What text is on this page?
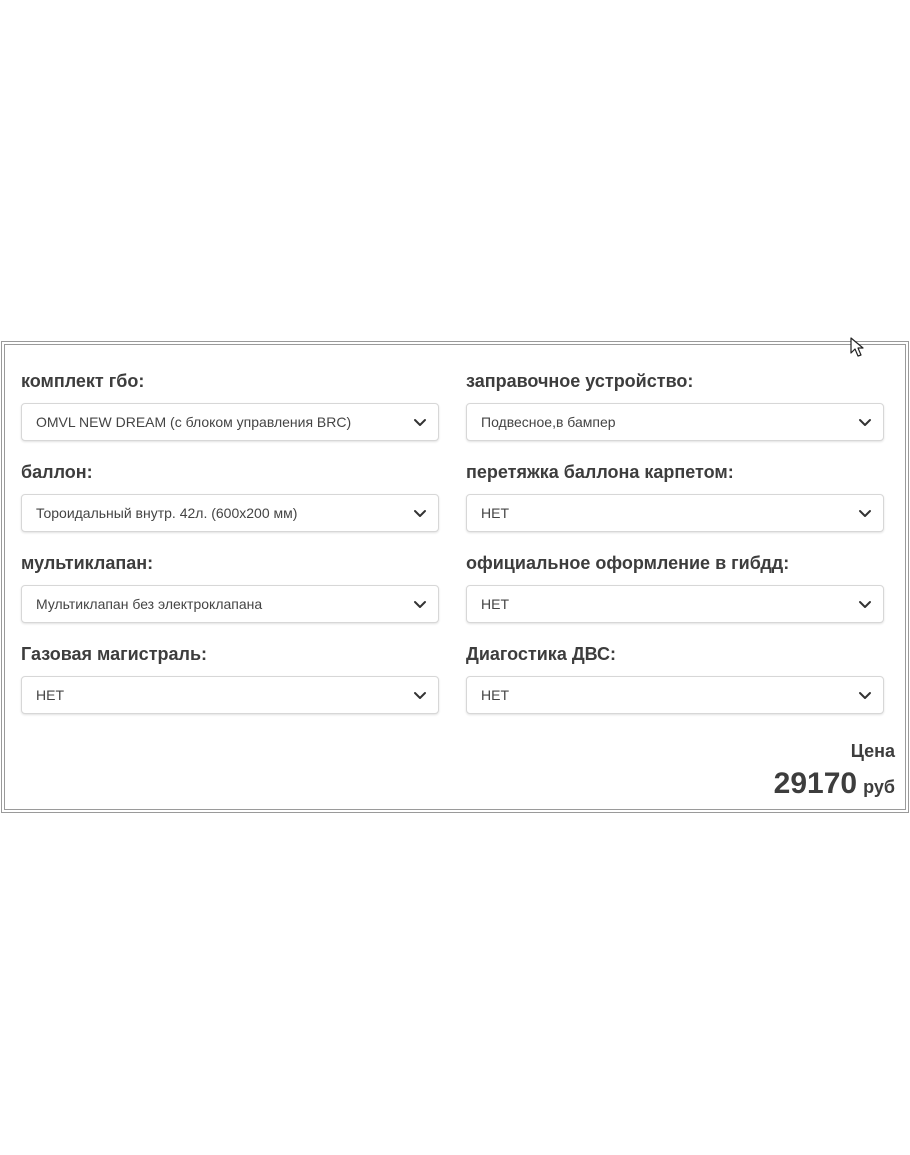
комплект гбо:
OMVL NEW DREAM (с блоком управления BRC)
заправочное устройство:
Подвесное,в бампер
баллон:
Тороидальный внутр. 42л. (600x200 мм)
перетяжка баллона карпетом:
НЕТ
мультиклапан:
Мультиклапан без электроклапана
официальное оформление в гибдд:
НЕТ
Газовая магистраль:
НЕТ
Диагостика ДВС:
НЕТ
Цена
29170 руб
